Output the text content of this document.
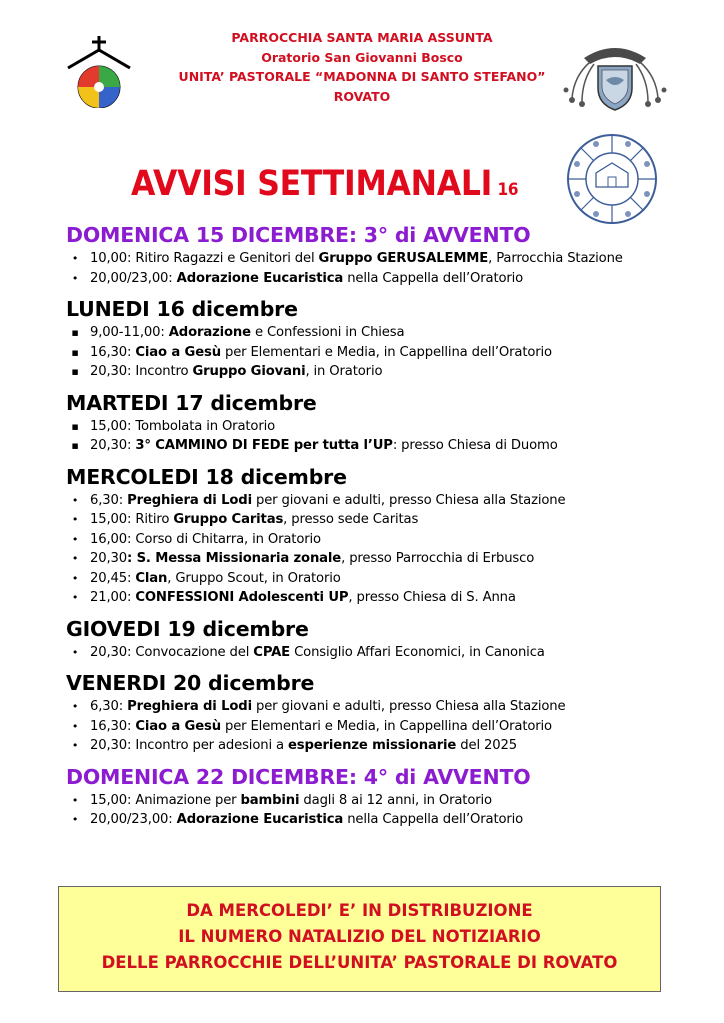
PARROCCHIA SANTA MARIA ASSUNTA
Oratorio San Giovanni Bosco
UNITA’ PASTORALE “MADONNA DI SANTO STEFANO”
ROVATO
AVVISI SETTIMANALI 16
DOMENICA 15 DICEMBRE: 3° di AVVENTO
• 10,00: Ritiro Ragazzi e Genitori del Gruppo GERUSALEMME, Parrocchia Stazione
• 20,00/23,00: Adorazione Eucaristica nella Cappella dell’Oratorio
LUNEDI 16 dicembre
▪ 9,00-11,00: Adorazione e Confessioni in Chiesa
▪ 16,30: Ciao a Gesù per Elementari e Media, in Cappellina dell’Oratorio
▪ 20,30: Incontro Gruppo Giovani, in Oratorio
MARTEDI 17 dicembre
▪ 15,00: Tombolata in Oratorio
▪ 20,30: 3° CAMMINO DI FEDE per tutta l’UP: presso Chiesa di Duomo
MERCOLEDI 18 dicembre
• 6,30: Preghiera di Lodi per giovani e adulti, presso Chiesa alla Stazione
• 15,00: Ritiro Gruppo Caritas, presso sede Caritas
• 16,00: Corso di Chitarra, in Oratorio
• 20,30: S. Messa Missionaria zonale, presso Parrocchia di Erbusco
• 20,45: Clan, Gruppo Scout, in Oratorio
• 21,00: CONFESSIONI Adolescenti UP, presso Chiesa di S. Anna
GIOVEDI 19 dicembre
• 20,30: Convocazione del CPAE Consiglio Affari Economici, in Canonica
VENERDI 20 dicembre
• 6,30: Preghiera di Lodi per giovani e adulti, presso Chiesa alla Stazione
• 16,30: Ciao a Gesù per Elementari e Media, in Cappellina dell’Oratorio
• 20,30: Incontro per adesioni a esperienze missionarie del 2025
DOMENICA 22 DICEMBRE: 4° di AVVENTO
• 15,00: Animazione per bambini dagli 8 ai 12 anni, in Oratorio
• 20,00/23,00: Adorazione Eucaristica nella Cappella dell’Oratorio
DA MERCOLEDI’ E’ IN DISTRIBUZIONE
IL NUMERO NATALIZIO DEL NOTIZIARIO
DELLE PARROCCHIE DELL’UNITA’ PASTORALE DI ROVATO
